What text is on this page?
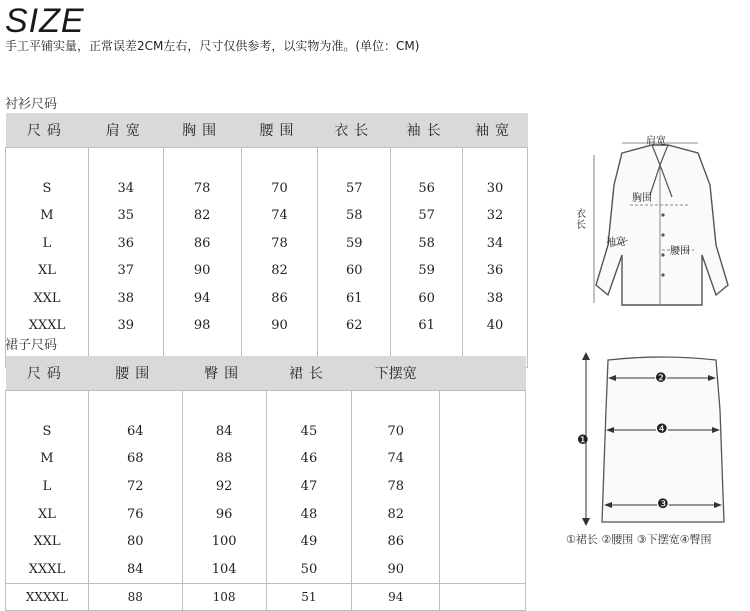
SIZE
手工平铺实量，正常误差2CM左右，尺寸仅供参考，以实物为准。(单位：CM)
衬衫尺码
尺码	肩宽	胸围	腰围	衣长	袖长	袖宽

S	34	78	70	57	56	30
M	35	82	74	58	57	32
L	36	86	78	59	58	34
XL	37	90	82	60	59	36
XXL	38	94	86	61	60	38
XXXL	39	98	90	62	61	40

肩宽
衣长
胸围
袖宽
腰围
裙子尺码
尺码	腰围	臀围	裙长	下摆宽	

S	64	84	45	70	
M	68	88	46	74	
L	72	92	47	78	
XL	76	96	48	82	
XXL	80	100	49	86	
XXXL	84	104	50	90	
XXXXL	88	108	51	94	
❶
❷
❸
❹
①裙长 ②腰围 ③下摆宽④臀围
